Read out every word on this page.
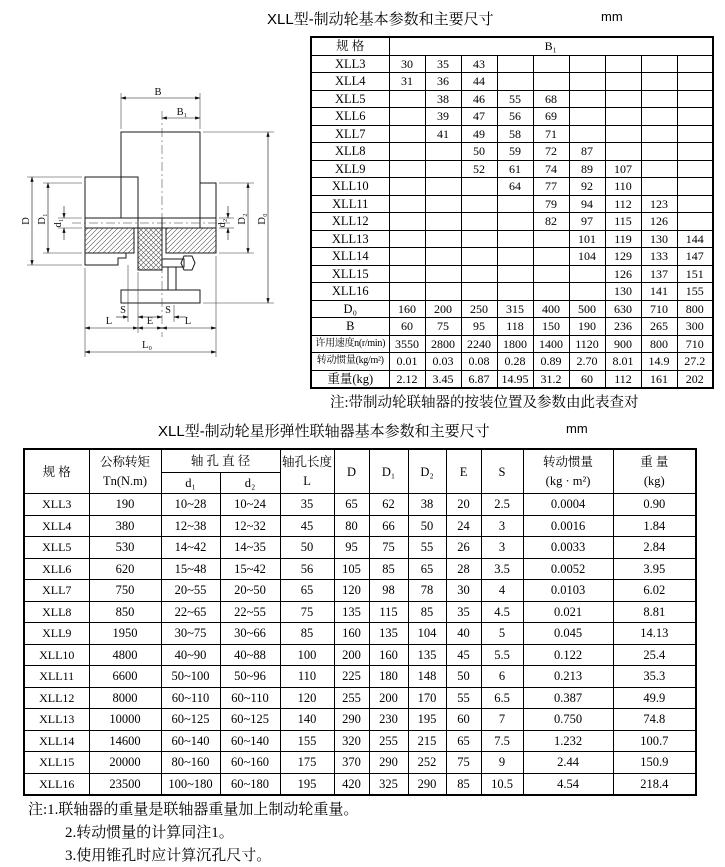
XLL型-制动轮基本参数和主要尺寸	mm
B
B₁
D D₁ d₁	d₂ D₂ D₀
S	S
L	E	L
L₀
规 格	B₁								
XLL3	30	35	43						
XLL4	31	36	44						
XLL5		38	46	55	68				
XLL6		39	47	56	69				
XLL7		41	49	58	71				
XLL8			50	59	72	87			
XLL9			52	61	74	89	107		
XLL10				64	77	92	110		
XLL11					79	94	112	123	
XLL12					82	97	115	126	
XLL13						101	119	130	144
XLL14						104	129	133	147
XLL15							126	137	151
XLL16							130	141	155
D₀	160	200	250	315	400	500	630	710	800
B	60	75	95	118	150	190	236	265	300
许用速度n(r/min)	3550	2800	2240	1800	1400	1120	900	800	710
转动惯量(kg/m²)	0.01	0.03	0.08	0.28	0.89	2.70	8.01	14.9	27.2
重量(kg)	2.12	3.45	6.87	14.95	31.2	60	112	161	202
注:带制动轮联轴器的按装位置及参数由此表查对
XLL型-制动轮星形弹性联轴器基本参数和主要尺寸	mm
规 格	
公称转矩
Tn(N.m)
	轴 孔 直 径	轴孔长度
L
	D	D₁	D₂	E	S	
转动惯量
(kg · m²)

重 量
(kg)

		d₁	d₂								
XLL3	190	10~28	10~24	35	65	62	38	20	2.5	0.0004	0.90
XLL4	380	12~38	12~32	45	80	66	50	24	3	0.0016	1.84
XLL5	530	14~42	14~35	50	95	75	55	26	3	0.0033	2.84
XLL6	620	15~48	15~42	56	105	85	65	28	3.5	0.0052	3.95
XLL7	750	20~55	20~50	65	120	98	78	30	4	0.0103	6.02
XLL8	850	22~65	22~55	75	135	115	85	35	4.5	0.021	8.81
XLL9	1950	30~75	30~66	85	160	135	104	40	5	0.045	14.13
XLL10	4800	40~90	40~88	100	200	160	135	45	5.5	0.122	25.4
XLL11	6600	50~100	50~96	110	225	180	148	50	6	0.213	35.3
XLL12	8000	60~110	60~110	120	255	200	170	55	6.5	0.387	49.9
XLL13	10000	60~125	60~125	140	290	230	195	60	7	0.750	74.8
XLL14	14600	60~140	60~140	155	320	255	215	65	7.5	1.232	100.7
XLL15	20000	80~160	60~160	175	370	290	252	75	9	2.44	150.9
XLL16	23500	100~180	60~180	195	420	325	290	85	10.5	4.54	218.4
注:1.联轴器的重量是联轴器重量加上制动轮重量。
2.转动惯量的计算同注1。
3.使用锥孔时应计算沉孔尺寸。
